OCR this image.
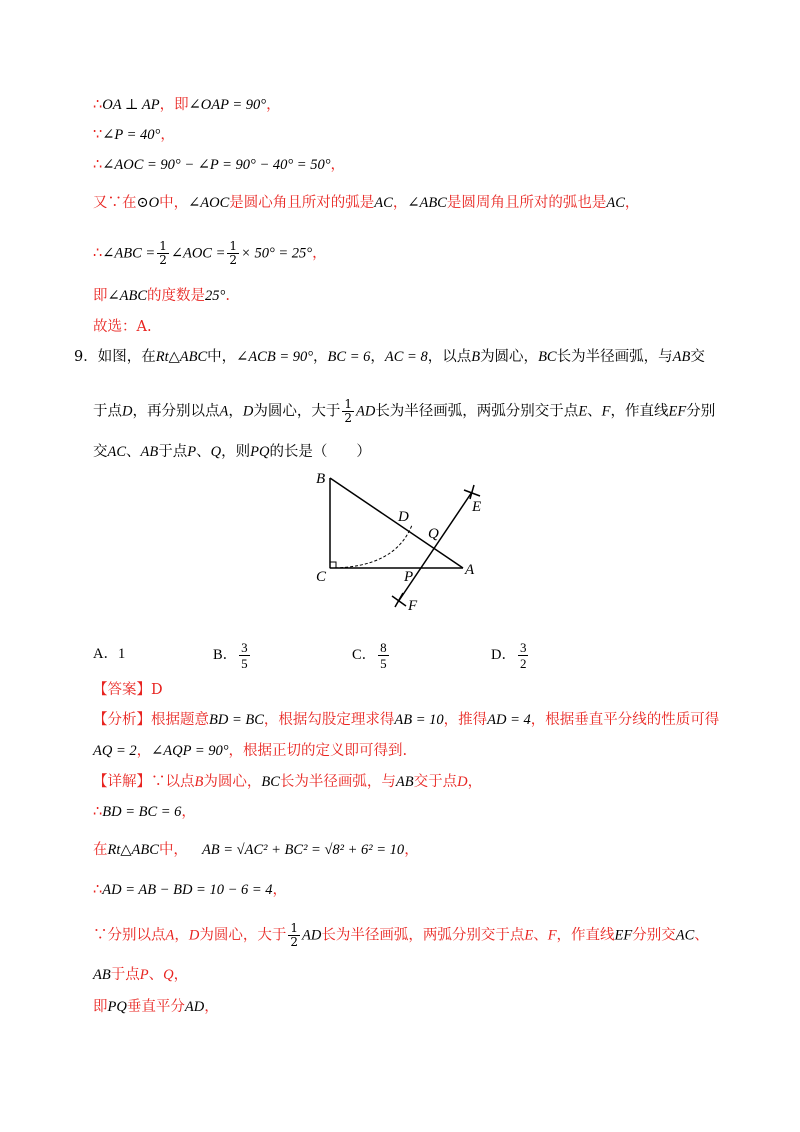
∴OA ⊥ AP，即∠OAP = 90°，
∵∠P = 40°，
∴∠AOC = 90° − ∠P = 90° − 40° = 50°，
又∵在⊙O中，∠AOC是圆心角且所对的弧是AC，∠ABC是圆周角且所对的弧也是AC，
∴∠ABC = $\frac{1}{2}$ ∠AOC = $\frac{1}{2} \times 50^\circ = 25^\circ$，
即∠ABC的度数是25°.
故选：A.
9．如图，在Rt△ABC中，∠ACB = 90°，BC = 6，AC = 8，以点B为圆心，BC长为半径画弧，与AB交
于点D，再分别以点A，D为圆心，大于 $\frac{1}{2}$ AD长为半径画弧，两弧分别交于点E、F，作直线EF分别
交AC、AB于点P、Q，则PQ的长是（　　）
B
C	A
D
Q
P
E
F
A．1	B． $\frac{3}{5}$	C． $\frac{8}{5}$	D． $\frac{3}{2}$
【答案】D
【分析】根据题意BD = BC，根据勾股定理求得AB = 10，推得AD = 4，根据垂直平分线的性质可得
AQ = 2，∠AQP = 90°，根据正切的定义即可得到.
【详解】∵以点B为圆心，BC长为半径画弧，与AB交于点D，
∴BD = BC = 6，
在Rt△ABC中， AB = √AC² + BC² = √8² + 6² = 10，
∴AD = AB − BD = 10 − 6 = 4，
∵分别以点A，D为圆心，大于 $\frac{1}{2}$ AD长为半径画弧，两弧分别交于点E、F，作直线EF分别交AC、
AB于点P、Q，
即PQ垂直平分AD，
